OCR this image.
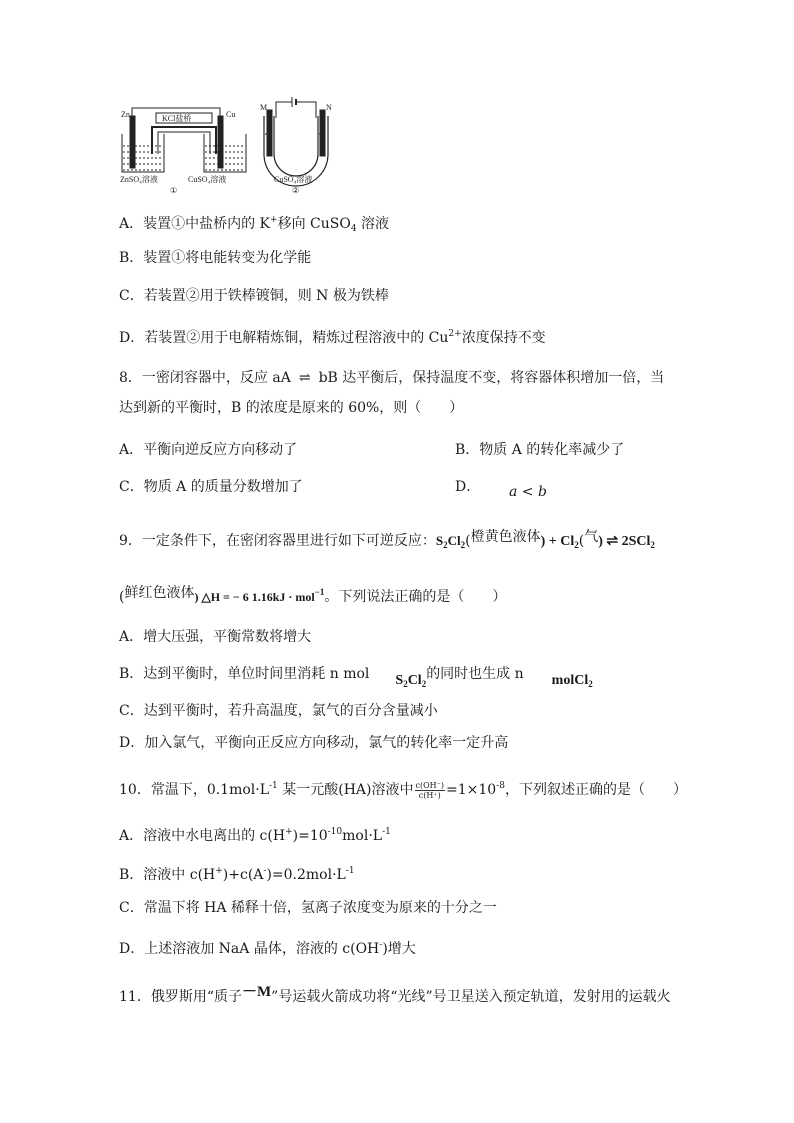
Zn	Cu
KCl盐桥
ZnSO₄溶液	CuSO₄溶液
①
M	N
CuSO₄溶液
②
A．装置①中盐桥内的 K+移向 CuSO$_4$ 溶液
B．装置①将电能转变为化学能
C．若装置②用于铁棒镀铜，则 N 极为铁棒
D．若装置②用于电解精炼铜，精炼过程溶液中的 $Cu^{2+}$浓度保持不变
8．一密闭容器中，反应 aA ⇌ bB 达平衡后，保持温度不变，将容器体积增加一倍，当
达到新的平衡时，B 的浓度是原来的 60%，则（　　）
A．平衡向逆反应方向移动了	B．物质 A 的转化率减少了
C．物质 A 的质量分数增加了	D． a < b
9．一定条件下，在密闭容器里进行如下可逆反应：$S_2Cl_2$(橙黄色液体) + $Cl_2$(气) ⇌ 2SCl$_2$
(鲜红色液体) △H = − 6 1.16kJ · mol$^{-1}$。下列说法正确的是（　　）
A．增大压强，平衡常数将增大
B．达到平衡时，单位时间里消耗 n mol $S_2Cl_2$的同时也生成 n molCl$_2$
C．达到平衡时，若升高温度，氯气的百分含量减小
D．加入氯气，平衡向正反应方向移动，氯气的转化率一定升高
10．常温下，$0.1mol\cdot L^{-1}$ 某一元酸(HA)溶液中 $\frac{c(OH^-)}{c(H^+)} =1\times 10^{-8}$，下列叙述正确的是（　　）
A．溶液中水电离出的 $c(H^+)=10^{-10}mol\cdot L^{-1}$
B．溶液中 $c(H^+)+c(A^-)=0.2mol\cdot L^{-1}$
C．常温下将 HA 稀释十倍，氢离子浓度变为原来的十分之一
D．上述溶液加 NaA 晶体，溶液的 c(OH-)增大
11．俄罗斯用“质子－M”号运载火箭成功将“光线”号卫星送入预定轨道，发射用的运载火
